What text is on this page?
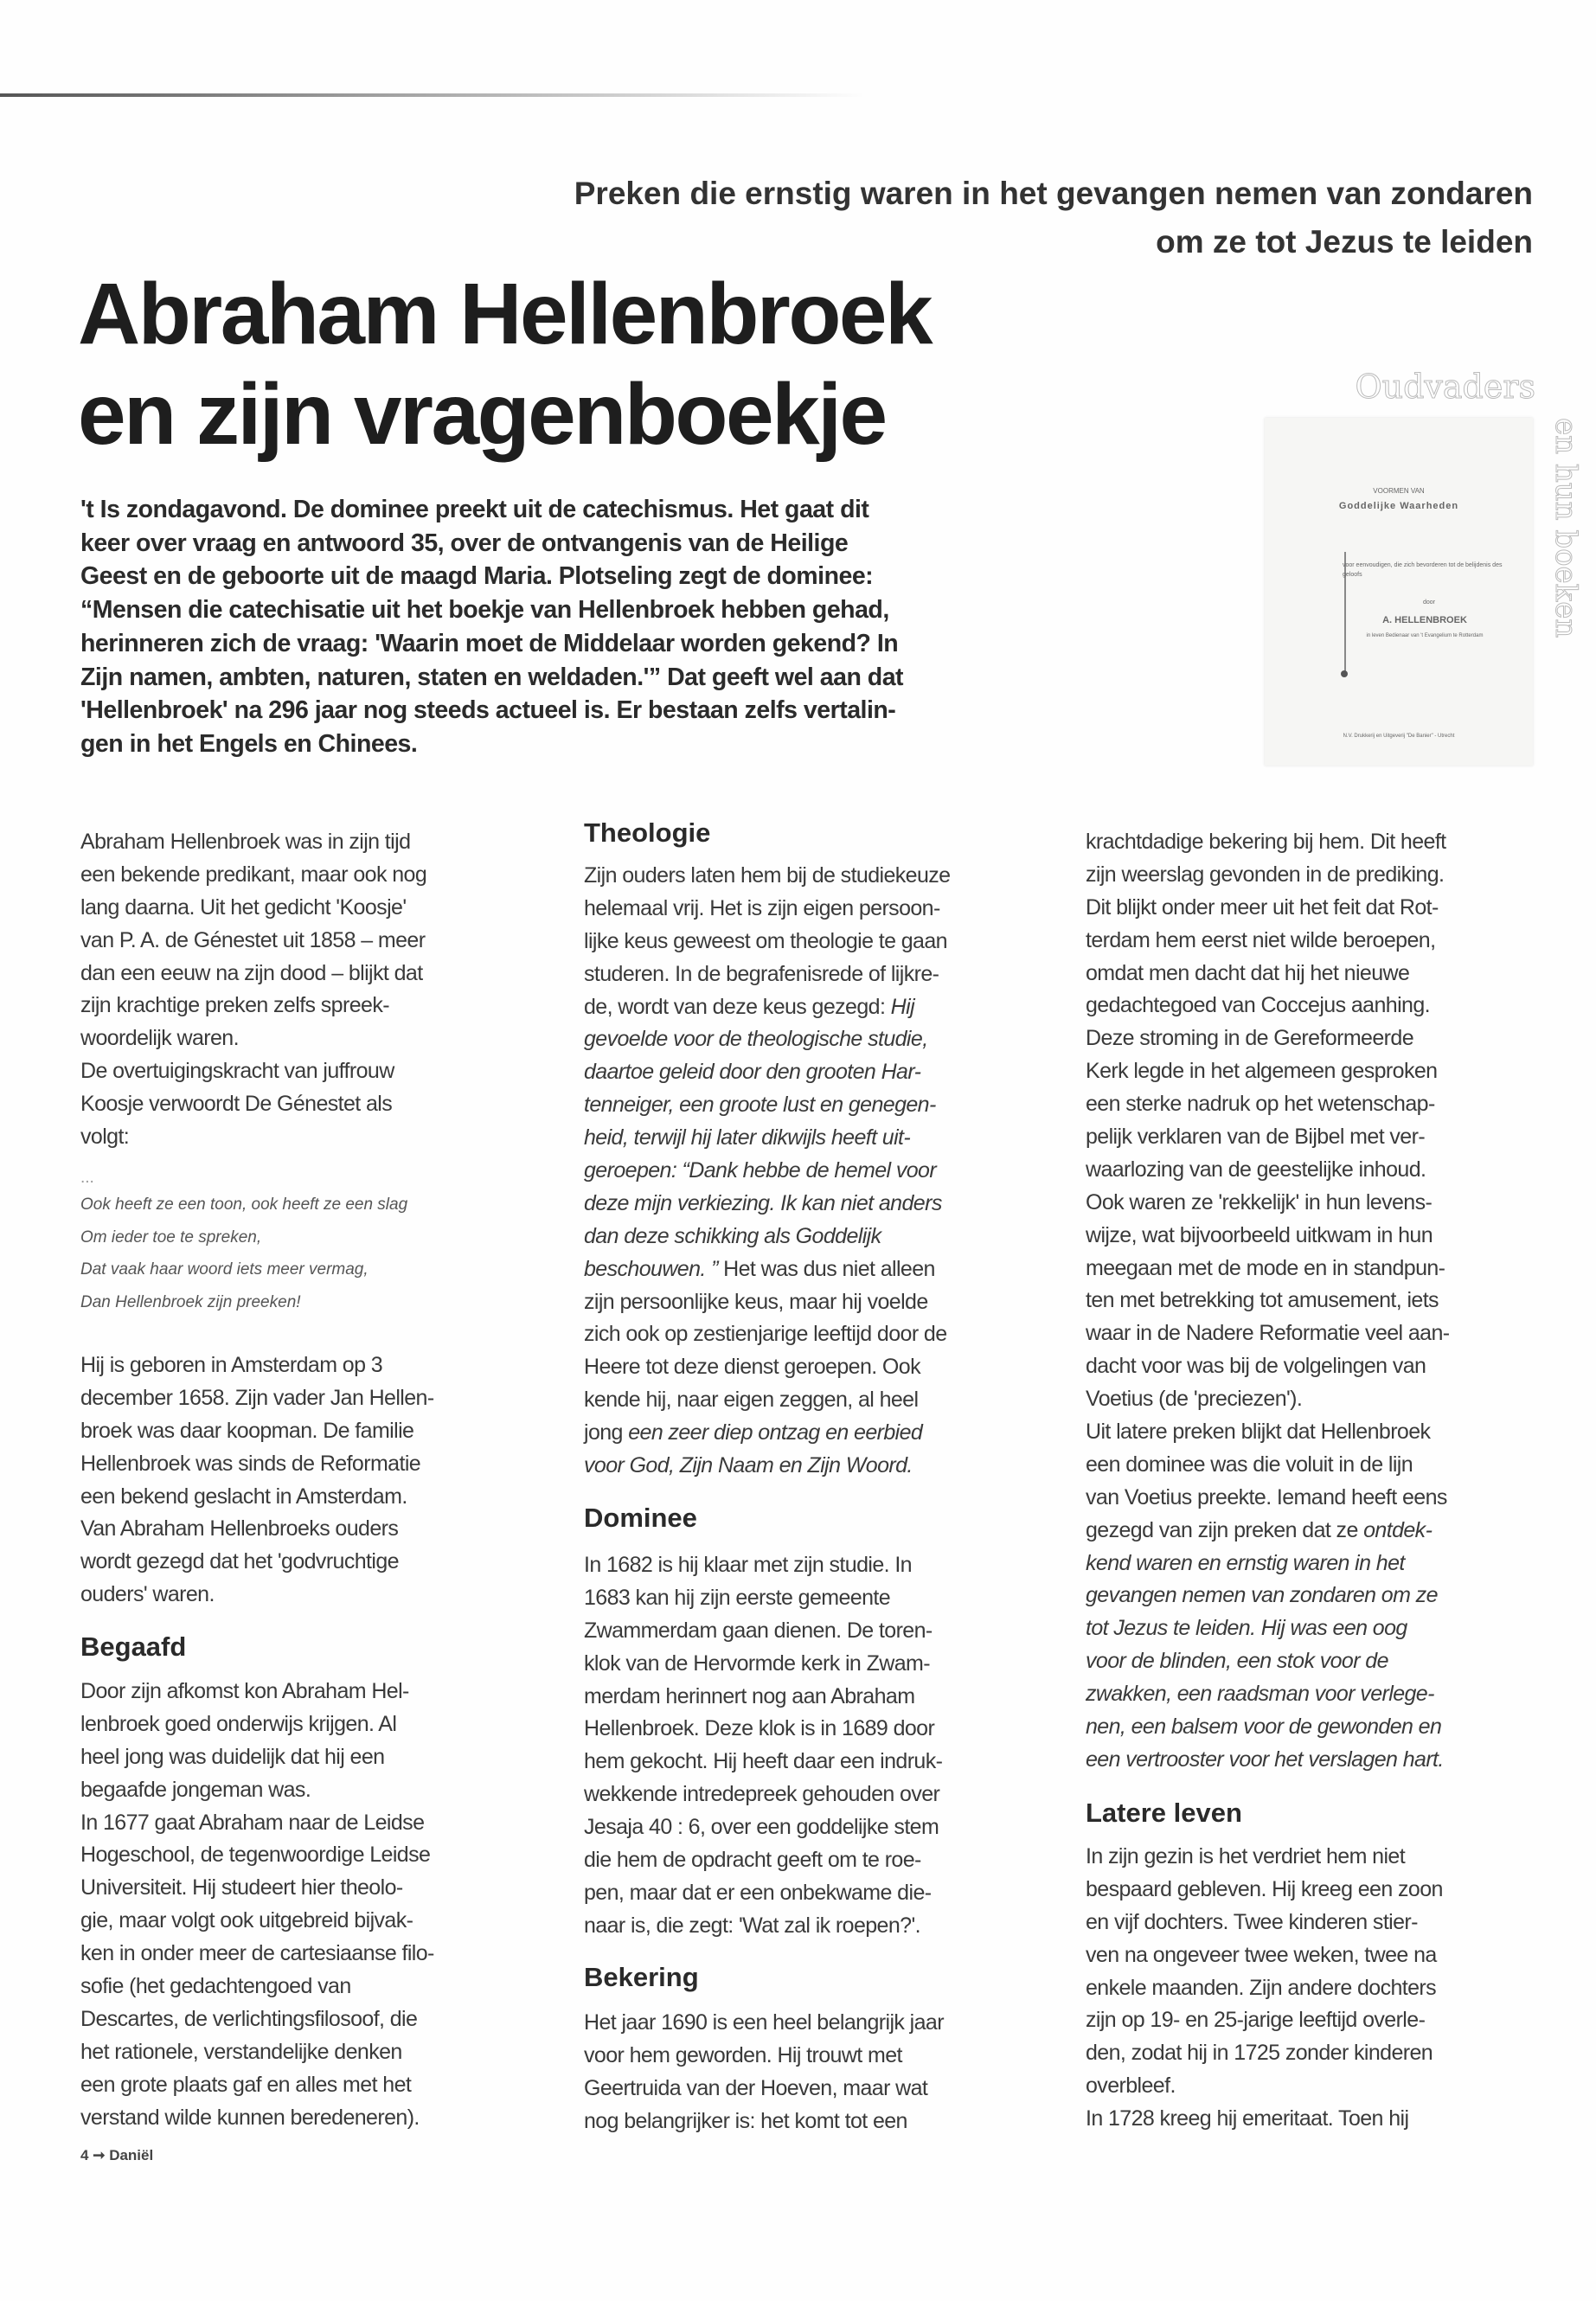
Preken die ernstig waren in het gevangen nemen van zondaren
om ze tot Jezus te leiden
Abraham Hellenbroek
en zijn vragenboekje	Oudvaders
en hun boeken
VOORMEN VAN
Goddelijke Waarheden
voor eenvoudigen, die zich bevorderen tot de belijdenis des geloofs
door
A. HELLENBROEK
in leven Bedienaar van 't Evangelium te Rotterdam
N.V. Drukkerij en Uitgeverij "De Banier" - Utrecht
't Is zondagavond. De dominee preekt uit de catechismus. Het gaat dit
keer over vraag en antwoord 35, over de ontvangenis van de Heilige
Geest en de geboorte uit de maagd Maria. Plotseling zegt de dominee:
“Mensen die catechisatie uit het boekje van Hellenbroek hebben gehad,
herinneren zich de vraag: 'Waarin moet de Middelaar worden gekend? In
Zijn namen, ambten, naturen, staten en weldaden.'” Dat geeft wel aan dat
'Hellenbroek' na 296 jaar nog steeds actueel is. Er bestaan zelfs vertalin-
gen in het Engels en Chinees.
Abraham Hellenbroek was in zijn tijd
een bekende predikant, maar ook nog
lang daarna. Uit het gedicht 'Koosje'
van P. A. de Génestet uit 1858 – meer
dan een eeuw na zijn dood – blijkt dat
zijn krachtige preken zelfs spreek-
woordelijk waren.
De overtuigingskracht van juffrouw
Koosje verwoordt De Génestet als
volgt:
...
Ook heeft ze een toon, ook heeft ze een slag
Om ieder toe te spreken,
Dat vaak haar woord iets meer vermag,
Dan Hellenbroek zijn preeken!
Hij is geboren in Amsterdam op 3
december 1658. Zijn vader Jan Hellen-
broek was daar koopman. De familie
Hellenbroek was sinds de Reformatie
een bekend geslacht in Amsterdam.
Van Abraham Hellenbroeks ouders
wordt gezegd dat het 'godvruchtige
ouders' waren.
Begaafd
Door zijn afkomst kon Abraham Hel-
lenbroek goed onderwijs krijgen. Al
heel jong was duidelijk dat hij een
begaafde jongeman was.
In 1677 gaat Abraham naar de Leidse
Hogeschool, de tegenwoordige Leidse
Universiteit. Hij studeert hier theolo-
gie, maar volgt ook uitgebreid bijvak-
ken in onder meer de cartesiaanse filo-
sofie (het gedachtengoed van
Descartes, de verlichtingsfilosoof, die
het rationele, verstandelijke denken
een grote plaats gaf en alles met het
verstand wilde kunnen beredeneren).
Theologie
Zijn ouders laten hem bij de studiekeuze
helemaal vrij. Het is zijn eigen persoon-
lijke keus geweest om theologie te gaan
studeren. In de begrafenisrede of lijkre-
de, wordt van deze keus gezegd: Hij
gevoelde voor de theologische studie,
daartoe geleid door den grooten Har-
tenneiger, een groote lust en genegen-
heid, terwijl hij later dikwijls heeft uit-
geroepen: “Dank hebbe de hemel voor
deze mijn verkiezing. Ik kan niet anders
dan deze schikking als Goddelijk
beschouwen. ” Het was dus niet alleen
zijn persoonlijke keus, maar hij voelde
zich ook op zestienjarige leeftijd door de
Heere tot deze dienst geroepen. Ook
kende hij, naar eigen zeggen, al heel
jong een zeer diep ontzag en eerbied
voor God, Zijn Naam en Zijn Woord.
Dominee
In 1682 is hij klaar met zijn studie. In
1683 kan hij zijn eerste gemeente
Zwammerdam gaan dienen. De toren-
klok van de Hervormde kerk in Zwam-
merdam herinnert nog aan Abraham
Hellenbroek. Deze klok is in 1689 door
hem gekocht. Hij heeft daar een indruk-
wekkende intredepreek gehouden over
Jesaja 40 : 6, over een goddelijke stem
die hem de opdracht geeft om te roe-
pen, maar dat er een onbekwame die-
naar is, die zegt: 'Wat zal ik roepen?'.
Bekering
Het jaar 1690 is een heel belangrijk jaar
voor hem geworden. Hij trouwt met
Geertruida van der Hoeven, maar wat
nog belangrijker is: het komt tot een
krachtdadige bekering bij hem. Dit heeft
zijn weerslag gevonden in de prediking.
Dit blijkt onder meer uit het feit dat Rot-
terdam hem eerst niet wilde beroepen,
omdat men dacht dat hij het nieuwe
gedachtegoed van Coccejus aanhing.
Deze stroming in de Gereformeerde
Kerk legde in het algemeen gesproken
een sterke nadruk op het wetenschap-
pelijk verklaren van de Bijbel met ver-
waarlozing van de geestelijke inhoud.
Ook waren ze 'rekkelijk' in hun levens-
wijze, wat bijvoorbeeld uitkwam in hun
meegaan met de mode en in standpun-
ten met betrekking tot amusement, iets
waar in de Nadere Reformatie veel aan-
dacht voor was bij de volgelingen van
Voetius (de 'preciezen').
Uit latere preken blijkt dat Hellenbroek
een dominee was die voluit in de lijn
van Voetius preekte. Iemand heeft eens
gezegd van zijn preken dat ze ontdek-
kend waren en ernstig waren in het
gevangen nemen van zondaren om ze
tot Jezus te leiden. Hij was een oog
voor de blinden, een stok voor de
zwakken, een raadsman voor verlege-
nen, een balsem voor de gewonden en
een vertrooster voor het verslagen hart.
Latere leven
In zijn gezin is het verdriet hem niet
bespaard gebleven. Hij kreeg een zoon
en vijf dochters. Twee kinderen stier-
ven na ongeveer twee weken, twee na
enkele maanden. Zijn andere dochters
zijn op 19- en 25-jarige leeftijd overle-
den, zodat hij in 1725 zonder kinderen
overbleef.
In 1728 kreeg hij emeritaat. Toen hij
4 ➞ Daniël
